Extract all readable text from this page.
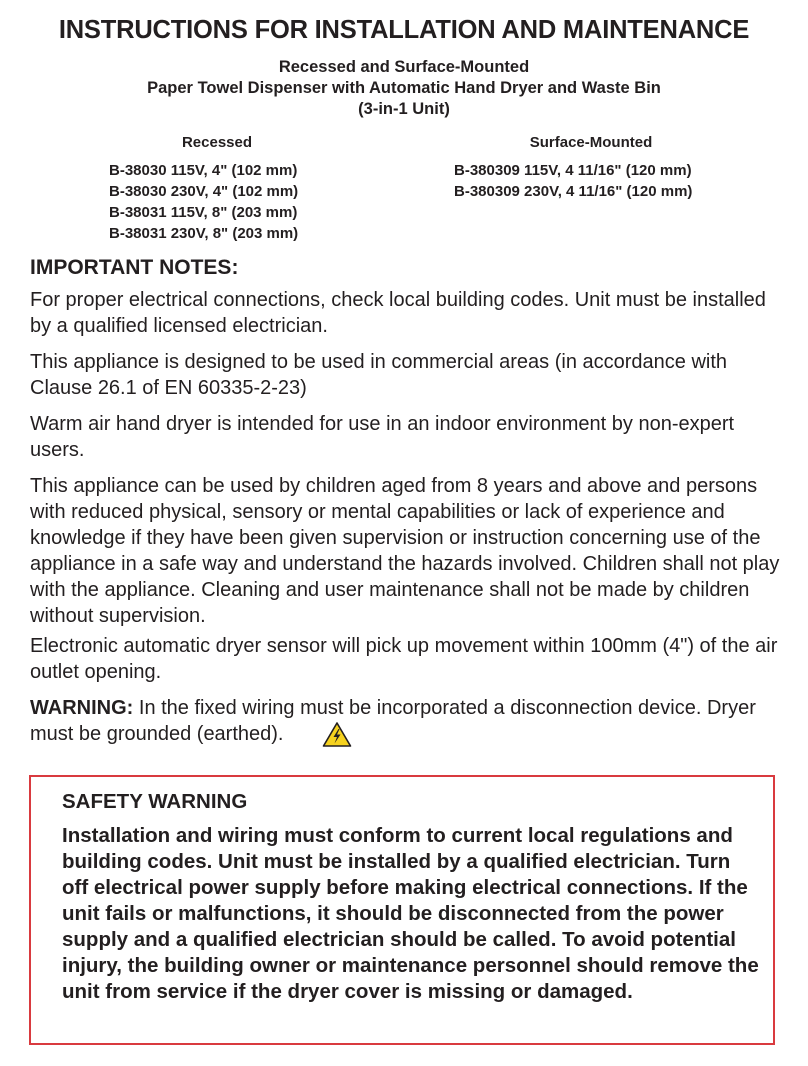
INSTRUCTIONS FOR INSTALLATION AND MAINTENANCE
Recessed and Surface-Mounted
Paper Towel Dispenser with Automatic Hand Dryer and Waste Bin
(3-in-1 Unit)
Recessed
B-38030 115V, 4" (102 mm)
B-38030 230V, 4" (102 mm)
B-38031 115V, 8" (203 mm)
B-38031 230V, 8" (203 mm)
Surface-Mounted
B-380309 115V, 4 11/16" (120 mm)
B-380309 230V, 4 11/16" (120 mm)
IMPORTANT NOTES:

For proper electrical connections, check local building codes. Unit must be installed by a qualified licensed electrician.

This appliance is designed to be used in commercial areas (in accordance with Clause 26.1 of EN 60335-2-23)

Warm air hand dryer is intended for use in an indoor environment by non-expert users.

This appliance can be used by children aged from 8 years and above and persons with reduced physical, sensory or mental capabilities or lack of experience and knowledge if they have been given supervision or instruction concerning use of the appliance in a safe way and understand the hazards involved. Children shall not play with the appliance. Cleaning and user maintenance shall not be made by children without supervision.

Electronic automatic dryer sensor will pick up movement within 100mm (4") of the air outlet opening.

WARNING: In the fixed wiring must be incorporated a disconnection device. Dryer must be grounded (earthed).

SAFETY WARNING

Installation and wiring must conform to current local regulations and building codes. Unit must be installed by a qualified electrician. Turn off electrical power supply before making electrical connections. If the unit fails or malfunctions, it should be disconnected from the power supply and a qualified electrician should be called. To avoid potential injury, the building owner or maintenance personnel should remove the unit from service if the dryer cover is missing or damaged.
